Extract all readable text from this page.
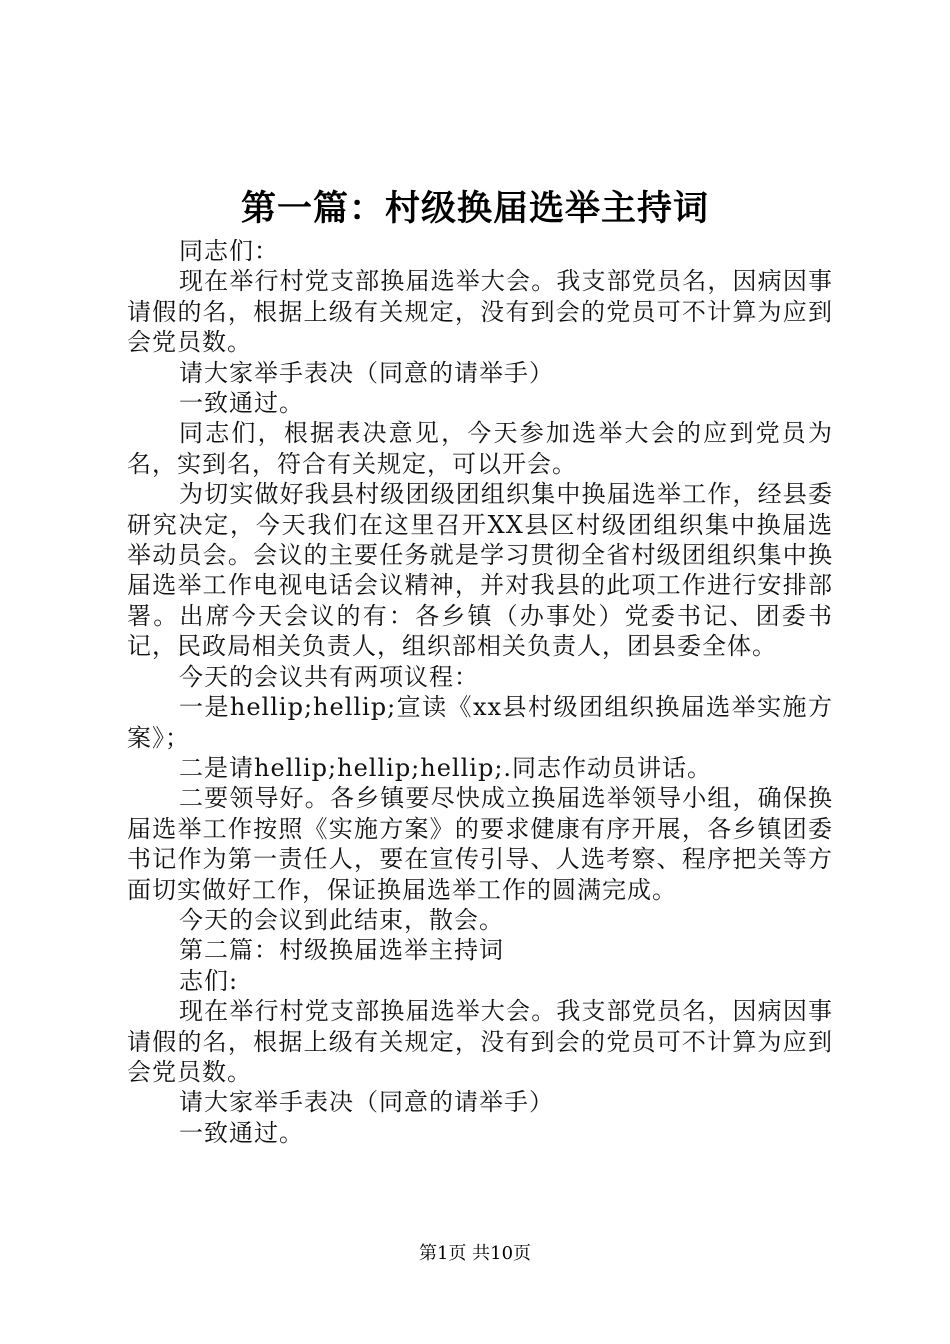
第一篇：村级换届选举主持词

同志们：

现在举行村党支部换届选举大会。我支部党员名，因病因事请假的名，根据上级有关规定，没有到会的党员可不计算为应到会党员数。

请大家举手表决（同意的请举手）

一致通过。

同志们，根据表决意见，今天参加选举大会的应到党员为名，实到名，符合有关规定，可以开会。

为切实做好我县村级团级团组织集中换届选举工作，经县委研究决定，今天我们在这里召开XX县区村级团组织集中换届选举动员会。会议的主要任务就是学习贯彻全省村级团组织集中换届选举工作电视电话会议精神，并对我县的此项工作进行安排部署。出席今天会议的有：各乡镇（办事处）党委书记、团委书记，民政局相关负责人，组织部相关负责人，团县委全体。

今天的会议共有两项议程：

一是hellip;hellip;宣读《xx县村级团组织换届选举实施方案》；

二是请hellip;hellip;hellip;.同志作动员讲话。

二要领导好。各乡镇要尽快成立换届选举领导小组，确保换届选举工作按照《实施方案》的要求健康有序开展，各乡镇团委书记作为第一责任人，要在宣传引导、人选考察、程序把关等方面切实做好工作，保证换届选举工作的圆满完成。

今天的会议到此结束，散会。

第二篇：村级换届选举主持词

志们:

现在举行村党支部换届选举大会。我支部党员名，因病因事请假的名，根据上级有关规定，没有到会的党员可不计算为应到会党员数。

请大家举手表决（同意的请举手）

一致通过。

第1页 共10页
